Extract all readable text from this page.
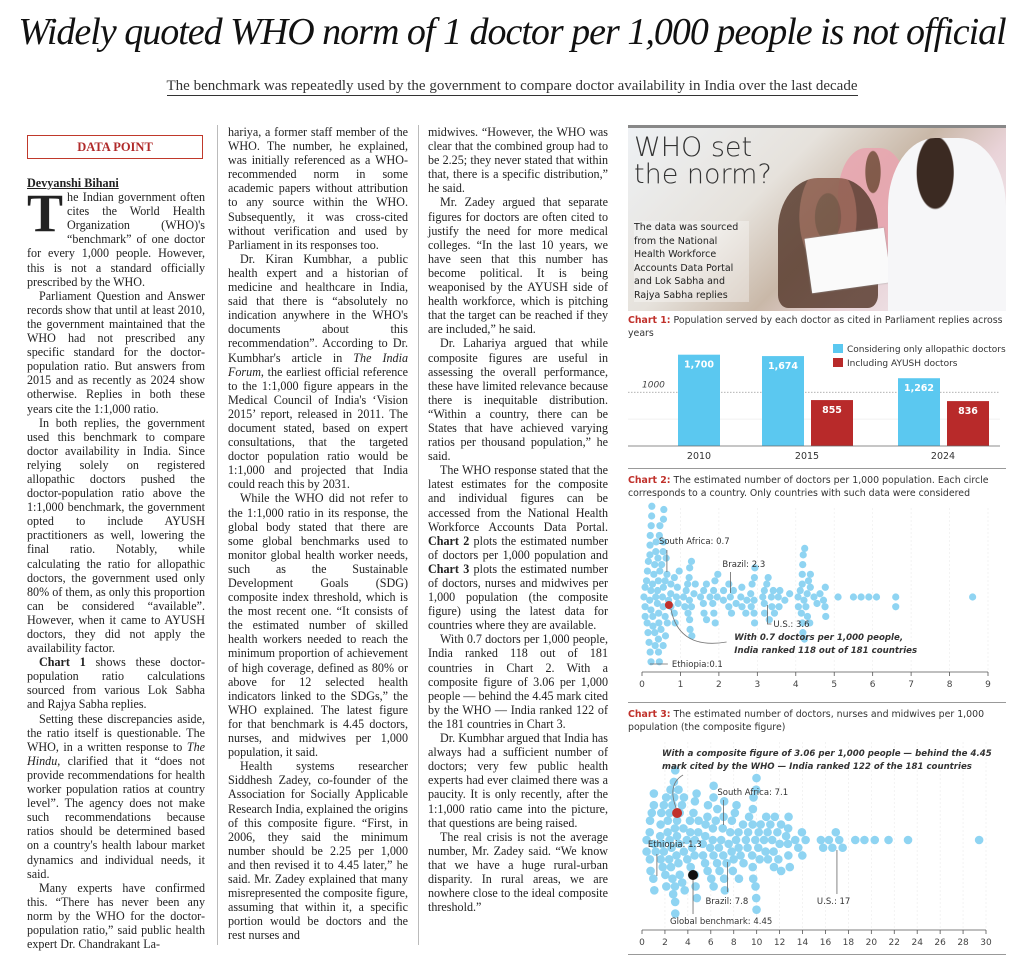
Widely quoted WHO norm of 1 doctor per 1,000 people is not official
The benchmark was repeatedly used by the government to compare doctor availability in India over the last decade
DATA POINT
Devyanshi Bihani

The Indian government often cites the World Health Organization (WHO)'s “benchmark” of one doctor for every 1,000 people. However, this is not a standard officially prescribed by the WHO.

Parliament Question and Answer records show that until at least 2010, the government maintained that the WHO had not prescribed any specific standard for the doctor-population ratio. But answers from 2015 and as recently as 2024 show otherwise. Replies in both these years cite the 1:1,000 ratio.

In both replies, the government used this benchmark to compare doctor availability in India. Since relying solely on registered allopathic doctors pushed the doctor-population ratio above the 1:1,000 benchmark, the government opted to include AYUSH practitioners as well, lowering the final ratio. Notably, while calculating the ratio for allopathic doctors, the government used only 80% of them, as only this proportion can be considered “available”. However, when it came to AYUSH doctors, they did not apply the availability factor.

Chart 1 shows these doctor-population ratio calculations sourced from various Lok Sabha and Rajya Sabha replies.

Setting these discrepancies aside, the ratio itself is questionable. The WHO, in a written response to The Hindu, clarified that it “does not provide recommendations for health worker population ratios at country level”. The agency does not make such recommendations because ratios should be determined based on a country's health labour market dynamics and individual needs, it said.

Many experts have confirmed this. “There has never been any norm by the WHO for the doctor-population ratio,” said public health expert Dr. Chandrakant La-

hariya, a former staff member of the WHO. The number, he explained, was initially referenced as a WHO-recommended norm in some academic papers without attribution to any source within the WHO. Subsequently, it was cross-cited without verification and used by Parliament in its responses too.

Dr. Kiran Kumbhar, a public health expert and a historian of medicine and healthcare in India, said that there is “absolutely no indication anywhere in the WHO's documents about this recommendation”. According to Dr. Kumbhar's article in The India Forum, the earliest official reference to the 1:1,000 figure appears in the Medical Council of India's ‘Vision 2015’ report, released in 2011. The document stated, based on expert consultations, that the targeted doctor population ratio would be 1:1,000 and projected that India could reach this by 2031.

While the WHO did not refer to the 1:1,000 ratio in its response, the global body stated that there are some global benchmarks used to monitor global health worker needs, such as the Sustainable Development Goals (SDG) composite index threshold, which is the most recent one. “It consists of the estimated number of skilled health workers needed to reach the minimum proportion of achievement of high coverage, defined as 80% or above for 12 selected health indicators linked to the SDGs,” the WHO explained. The latest figure for that benchmark is 4.45 doctors, nurses, and midwives per 1,000 population, it said.

Health systems researcher Siddhesh Zadey, co-founder of the Association for Socially Applicable Research India, explained the origins of this composite figure. “First, in 2006, they said the minimum number should be 2.25 per 1,000 and then revised it to 4.45 later,” he said. Mr. Zadey explained that many misrepresented the composite figure, assuming that within it, a specific portion would be doctors and the rest nurses and

midwives. “However, the WHO was clear that the combined group had to be 2.25; they never stated that within that, there is a specific distribution,” he said.

Mr. Zadey argued that separate figures for doctors are often cited to justify the need for more medical colleges. “In the last 10 years, we have seen that this number has become political. It is being weaponised by the AYUSH side of health workforce, which is pitching that the target can be reached if they are included,” he said.

Dr. Lahariya argued that while composite figures are useful in assessing the overall performance, these have limited relevance because there is inequitable distribution. “Within a country, there can be States that have achieved varying ratios per thousand population,” he said.

The WHO response stated that the latest estimates for the composite and individual figures can be accessed from the National Health Workforce Accounts Data Portal. Chart 2 plots the estimated number of doctors per 1,000 population and Chart 3 plots the estimated number of doctors, nurses and midwives per 1,000 population (the composite figure) using the latest data for countries where they are available.

With 0.7 doctors per 1,000 people, India ranked 118 out of 181 countries in Chart 2. With a composite figure of 3.06 per 1,000 people — behind the 4.45 mark cited by the WHO — India ranked 122 of the 181 countries in Chart 3.

Dr. Kumbhar argued that India has always had a sufficient number of doctors; very few public health experts had ever claimed there was a paucity. It is only recently, after the 1:1,000 ratio came into the picture, that questions are being raised.

The real crisis is not the average number, Mr. Zadey said. “We know that we have a huge rural-urban disparity. In rural areas, we are nowhere close to the ideal composite threshold.”

WHO set the norm?
The data was sourced from the National Health Workforce Accounts Data Portal and Lok Sabha and Rajya Sabha replies
Chart 1: Population served by each doctor as cited in Parliament replies across years
Considering only allopathic doctors
Including AYUSH doctors
1000
1,700
2010
1,674
855
2015
1,262
836
2024
Chart 2: The estimated number of doctors per 1,000 population. Each circle corresponds to a country. Only countries with such data were considered
0	1	2	3	4	5	6	7	8	9
South Africa: 0.7
Brazil: 2.3
U.S.: 3.6
Ethiopia:0.1
With 0.7 doctors per 1,000 people,
India ranked 118 out of 181 countries
Chart 3: The estimated number of doctors, nurses and midwives per 1,000 population (the composite figure)
0 2 4 6 8 10 12 14 16 18 20 22 24 26 28 30
With a composite figure of 3.06 per 1,000 people — behind the 4.45
mark cited by the WHO — India ranked 122 of the 181 countries
South Africa: 7.1
Ethiopia: 1.3
Brazil: 7.8	U.S.: 17
Global benchmark: 4.45
